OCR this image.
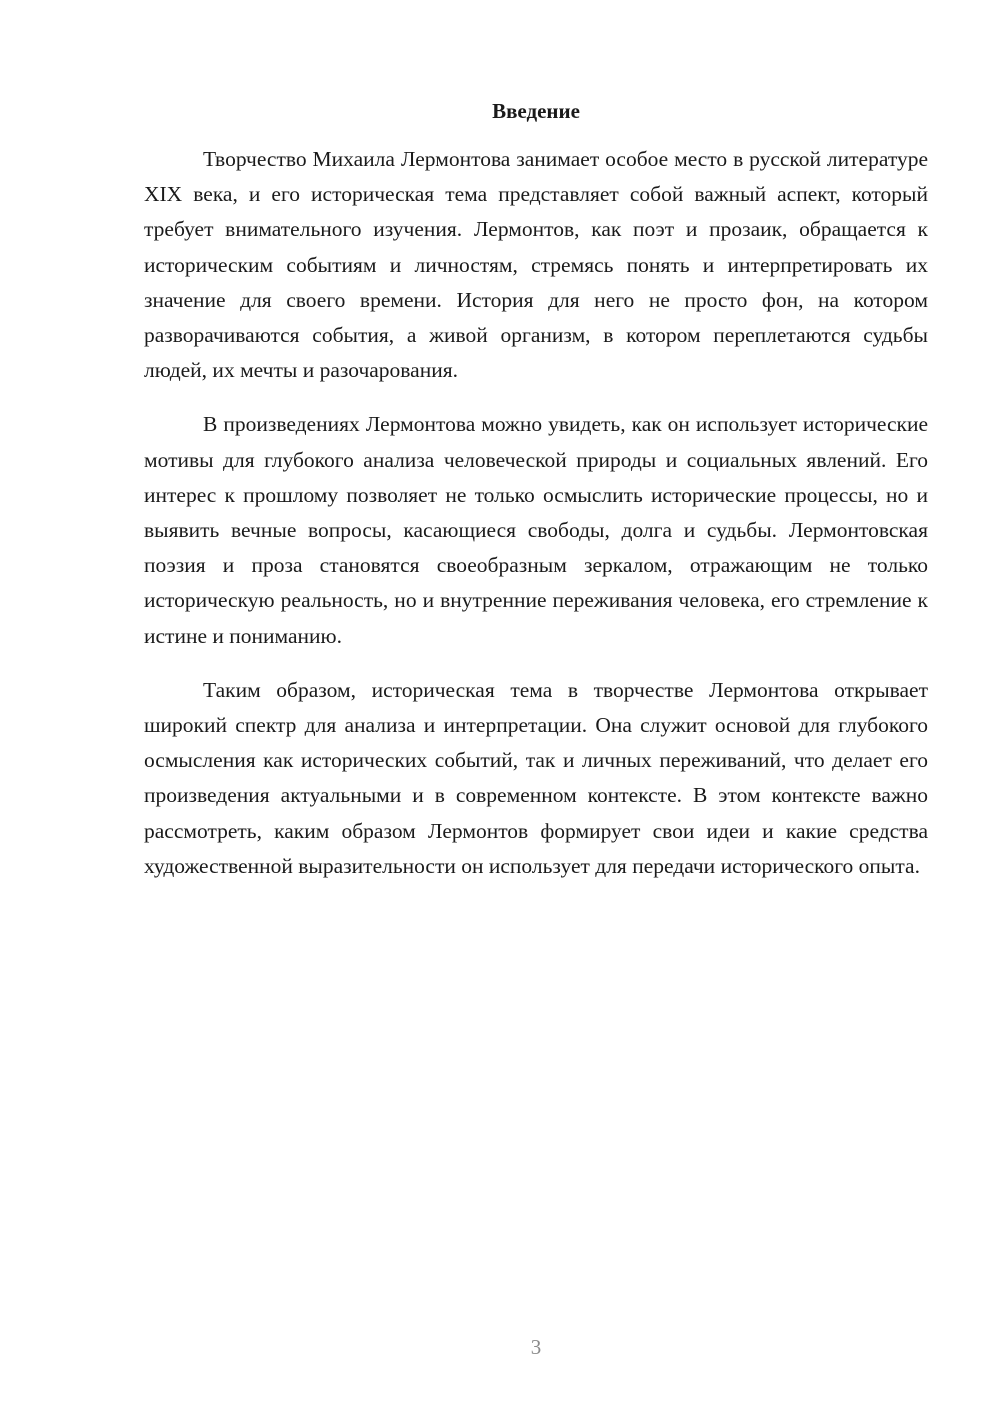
Введение

Творчество Михаила Лермонтова занимает особое место в русской литературе XIX века, и его историческая тема представляет собой важный аспект, который требует внимательного изучения. Лермонтов, как поэт и прозаик, обращается к историческим событиям и личностям, стремясь понять и интерпретировать их значение для своего времени. История для него не просто фон, на котором разворачиваются события, а живой организм, в котором переплетаются судьбы людей, их мечты и разочарования.

В произведениях Лермонтова можно увидеть, как он использует исторические мотивы для глубокого анализа человеческой природы и социальных явлений. Его интерес к прошлому позволяет не только осмыслить исторические процессы, но и выявить вечные вопросы, касающиеся свободы, долга и судьбы. Лермонтовская поэзия и проза становятся своеобразным зеркалом, отражающим не только историческую реальность, но и внутренние переживания человека, его стремление к истине и пониманию.

Таким образом, историческая тема в творчестве Лермонтова открывает широкий спектр для анализа и интерпретации. Она служит основой для глубокого осмысления как исторических событий, так и личных переживаний, что делает его произведения актуальными и в современном контексте. В этом контексте важно рассмотреть, каким образом Лермонтов формирует свои идеи и какие средства художественной выразительности он использует для передачи исторического опыта.

3
